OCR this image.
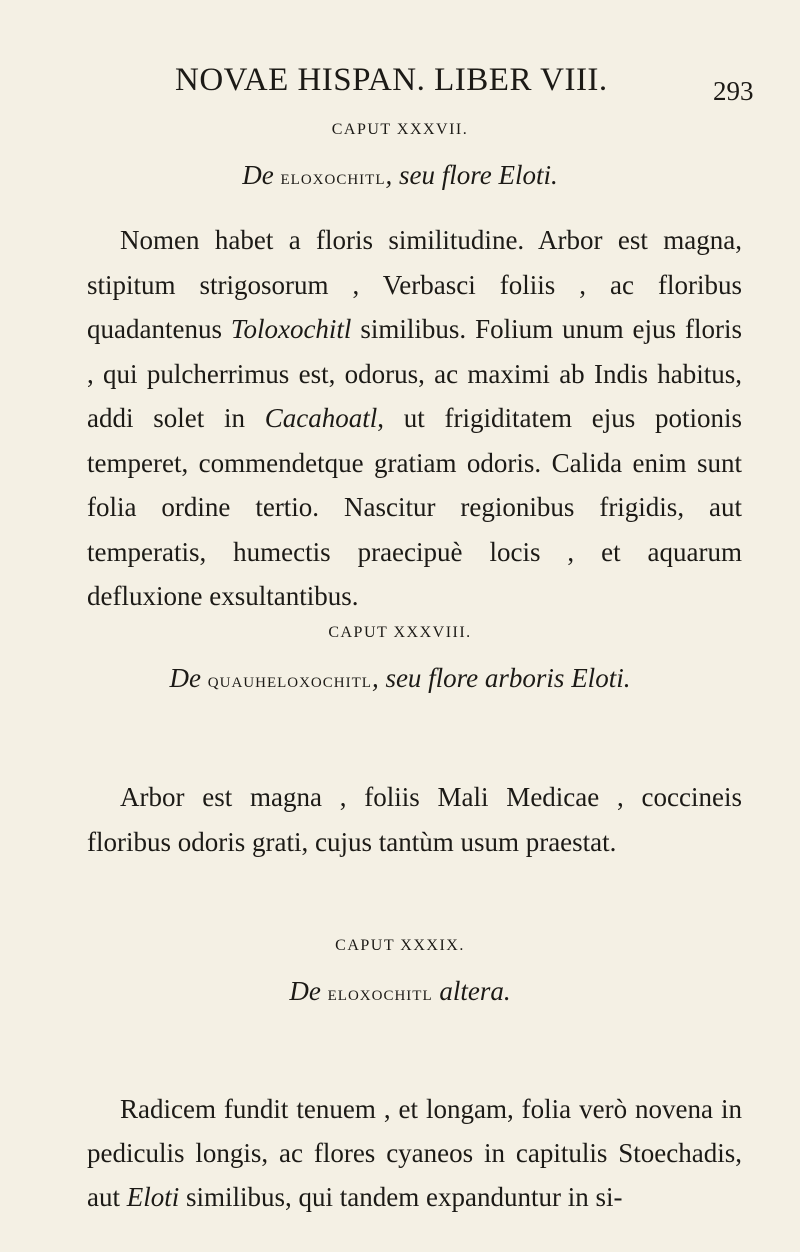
NOVAE HISPAN. LIBER VIII.	293
CAPUT XXXVII.
De eloxochitl, seu flore Eloti.

Nomen habet a floris similitudine. Arbor est magna, stipitum strigosorum , Verbasci foliis , ac floribus quadantenus Toloxochitl similibus. Folium unum ejus floris , qui pulcherrimus est, odorus, ac maximi ab Indis habitus, addi solet in Cacahoatl, ut frigiditatem ejus potionis temperet, commendetque gratiam odoris. Calida enim sunt folia ordine tertio. Nascitur regionibus frigidis, aut temperatis, humectis praecipuè locis , et aquarum defluxione exsultantibus.

CAPUT XXXVIII.
De quauheloxochitl, seu flore arboris Eloti.

Arbor est magna , foliis Mali Medicae , coccineis floribus odoris grati, cujus tantùm usum praestat.

CAPUT XXXIX.
De eloxochitl altera.

Radicem fundit tenuem , et longam, folia verò novena in pediculis longis, ac flores cyaneos in capitulis Stoechadis, aut Eloti similibus, qui tandem expanduntur in si-
